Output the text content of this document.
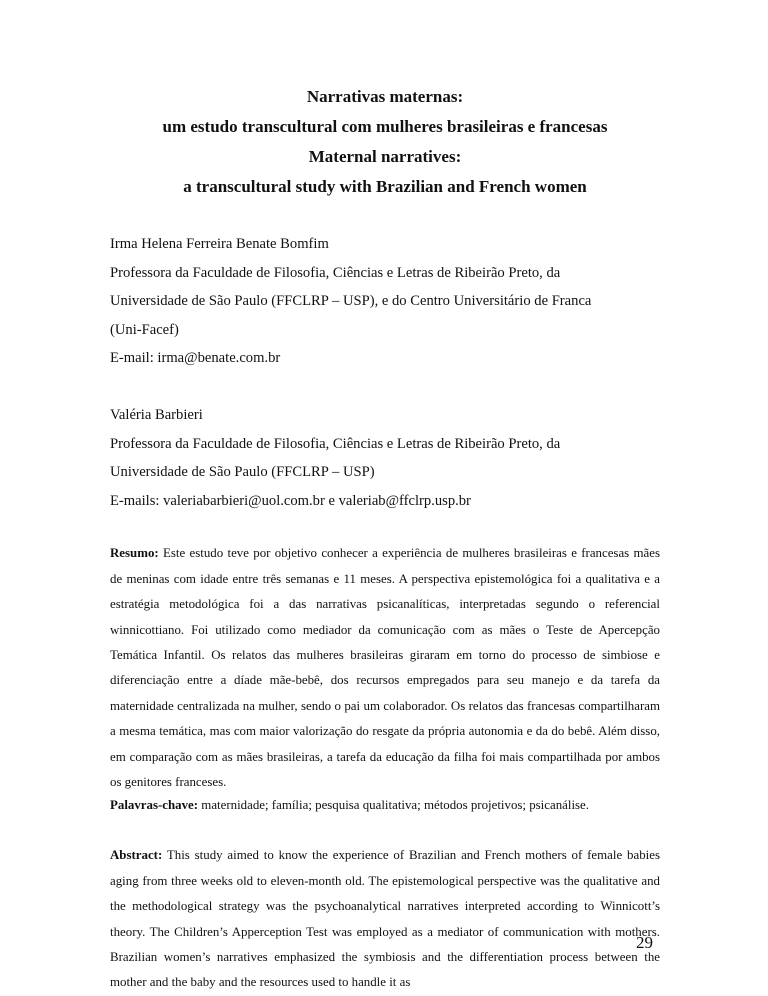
Narrativas maternas:
um estudo transcultural com mulheres brasileiras e francesas
Maternal narratives:
a transcultural study with Brazilian and French women
Irma Helena Ferreira Benate Bomfim
Professora da Faculdade de Filosofia, Ciências e Letras de Ribeirão Preto, da
Universidade de São Paulo (FFCLRP – USP), e do Centro Universitário de Franca
(Uni-Facef)
E-mail: irma@benate.com.br
Valéria Barbieri
Professora da Faculdade de Filosofia, Ciências e Letras de Ribeirão Preto, da
Universidade de São Paulo (FFCLRP – USP)
E-mails: valeriabarbieri@uol.com.br e valeriab@ffclrp.usp.br
Resumo: Este estudo teve por objetivo conhecer a experiência de mulheres brasileiras e francesas mães de meninas com idade entre três semanas e 11 meses. A perspectiva epistemológica foi a qualitativa e a estratégia metodológica foi a das narrativas psicanalíticas, interpretadas segundo o referencial winnicottiano. Foi utilizado como mediador da comunicação com as mães o Teste de Apercepção Temática Infantil. Os relatos das mulheres brasileiras giraram em torno do processo de simbiose e diferenciação entre a díade mãe-bebê, dos recursos empregados para seu manejo e da tarefa da maternidade centralizada na mulher, sendo o pai um colaborador. Os relatos das francesas compartilharam a mesma temática, mas com maior valorização do resgate da própria autonomia e da do bebê. Além disso, em comparação com as mães brasileiras, a tarefa da educação da filha foi mais compartilhada por ambos os genitores franceses.
Palavras-chave: maternidade; família; pesquisa qualitativa; métodos projetivos; psicanálise.
Abstract: This study aimed to know the experience of Brazilian and French mothers of female babies aging from three weeks old to eleven-month old. The epistemological perspective was the qualitative and the methodological strategy was the psychoanalytical narratives interpreted according to Winnicott’s theory. The Children’s Apperception Test was employed as a mediator of communication with mothers. Brazilian women’s narratives emphasized the symbiosis and the differentiation process between the mother and the baby and the resources used to handle it as
29
